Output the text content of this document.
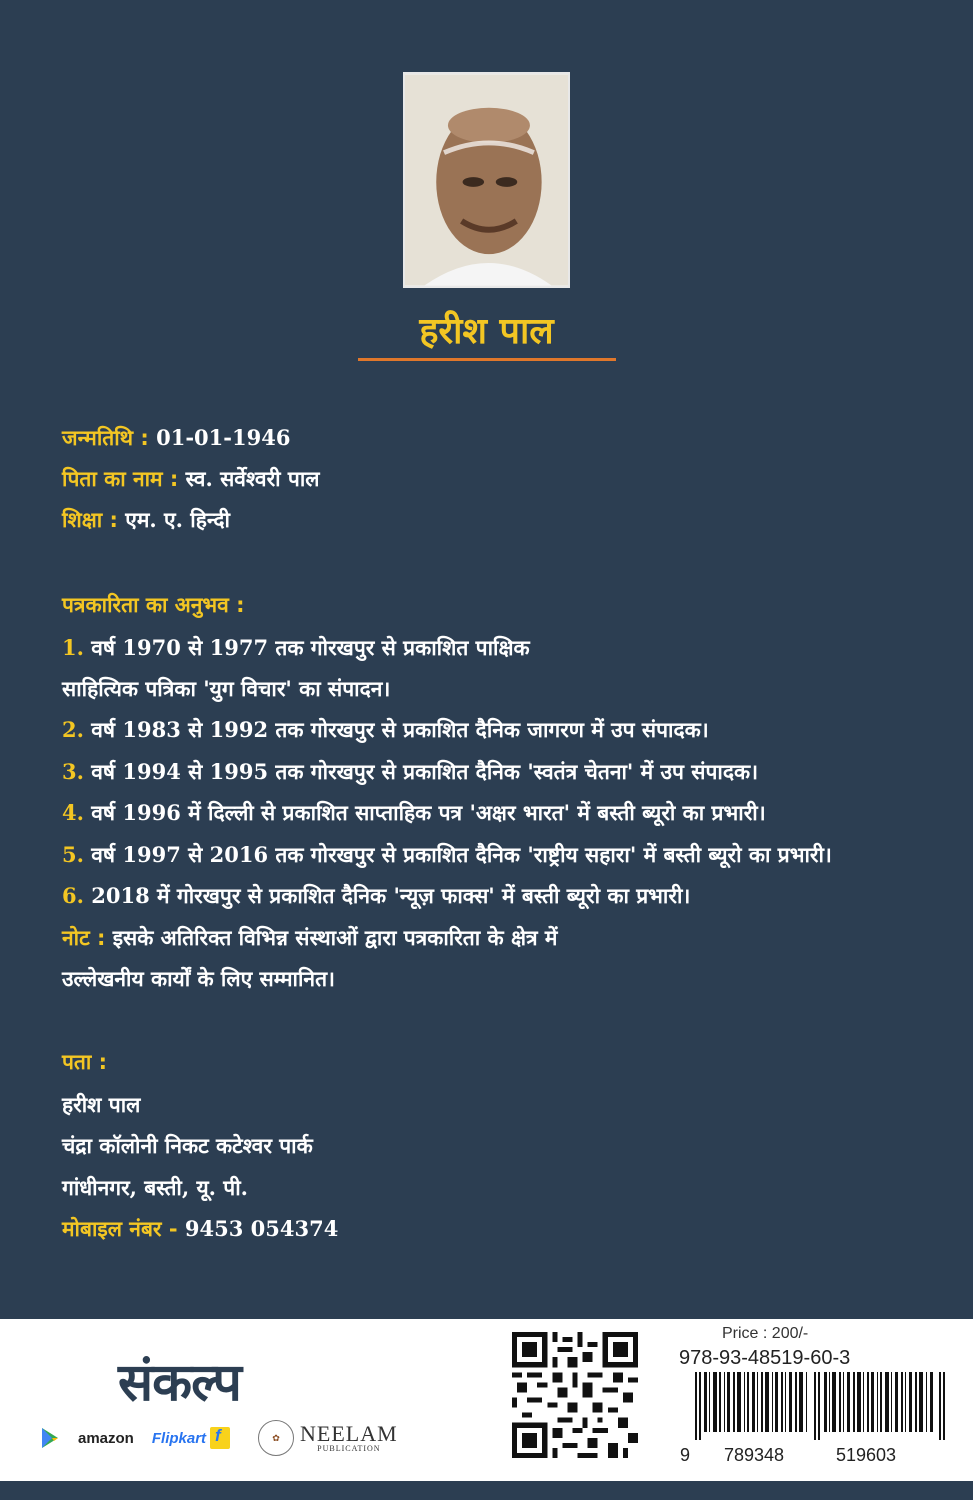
हरीश पाल
जन्मतिथि : 01-01-1946
पिता का नाम : स्व. सर्वेश्वरी पाल
शिक्षा : एम. ए. हिन्दी
पत्रकारिता का अनुभव :
1. वर्ष 1970 से 1977 तक गोरखपुर से प्रकाशित पाक्षिक
साहित्यिक पत्रिका 'युग विचार' का संपादन।
2. वर्ष 1983 से 1992 तक गोरखपुर से प्रकाशित दैनिक जागरण में उप संपादक।
3. वर्ष 1994 से 1995 तक गोरखपुर से प्रकाशित दैनिक 'स्वतंत्र चेतना' में उप संपादक।
4. वर्ष 1996 में दिल्ली से प्रकाशित साप्ताहिक पत्र 'अक्षर भारत' में बस्ती ब्यूरो का प्रभारी।
5. वर्ष 1997 से 2016 तक गोरखपुर से प्रकाशित दैनिक 'राष्ट्रीय सहारा' में बस्ती ब्यूरो का प्रभारी।
6. 2018 में गोरखपुर से प्रकाशित दैनिक 'न्यूज़ फाक्स' में बस्ती ब्यूरो का प्रभारी।
नोट : इसके अतिरिक्त विभिन्न संस्थाओं द्वारा पत्रकारिता के क्षेत्र में
उल्लेखनीय कार्यों के लिए सम्मानित।
पता :
हरीश पाल
चंद्रा कॉलोनी निकट कटेश्वर पार्क
गांधीनगर, बस्ती, यू. पी.
मोबाइल नंबर - 9453 054374
संकल्प
amazon Flipkart
f	✿ NEELAM
PUBLICATION
Price : 200/-
978-93-48519-60-3
9 789348	519603
